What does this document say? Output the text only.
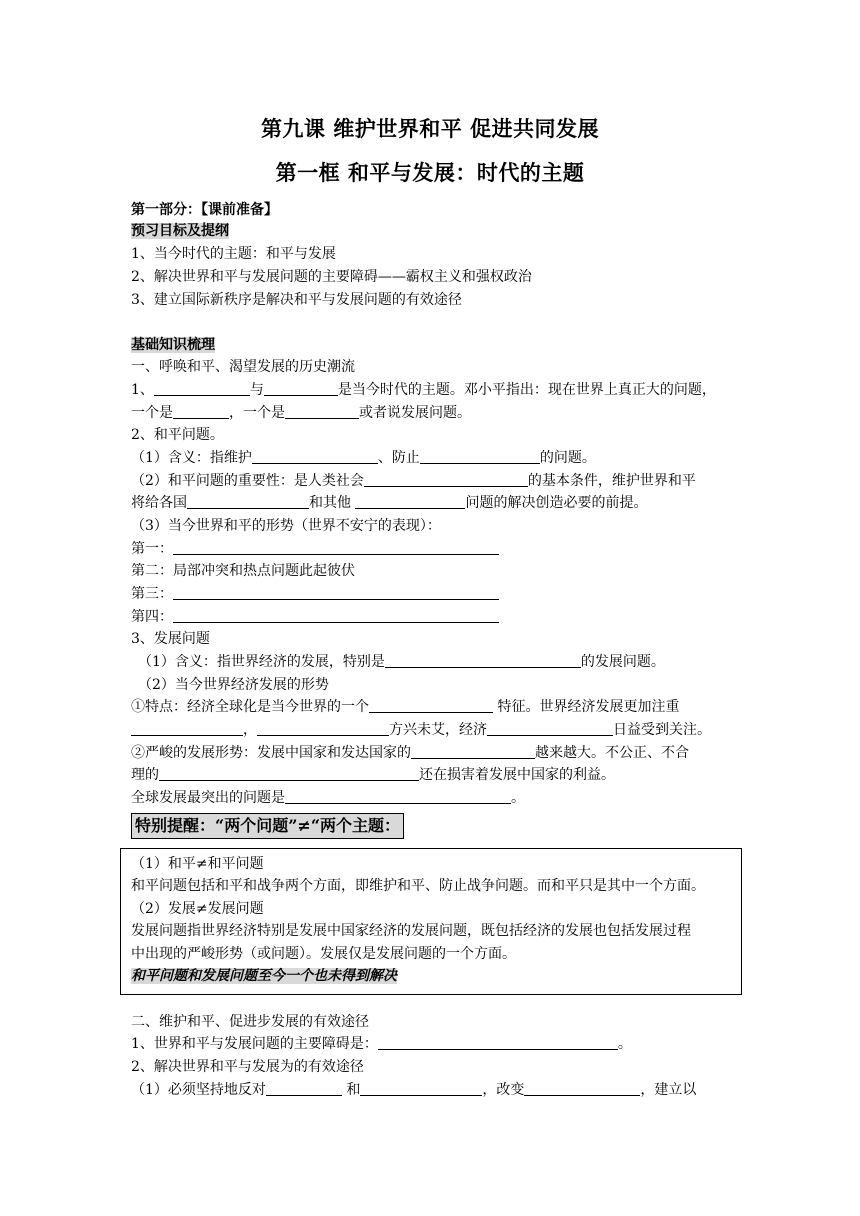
第九课 维护世界和平 促进共同发展
第一框 和平与发展：时代的主题
第一部分：【课前准备】
预习目标及提纲
1、当今时代的主题：和平与发展
2、解决世界和平与发展问题的主要障碍——霸权主义和强权政治
3、建立国际新秩序是解决和平与发展问题的有效途径
基础知识梳理
一、呼唤和平、渴望发展的历史潮流
1、	与	是当今时代的主题。邓小平指出：现在世界上真正大的问题，
一个是	，一个是	或者说发展问题。
2、和平问题。
（1）含义：指维护	、防止	的问题。
（2）和平问题的重要性：是人类社会	的基本条件，维护世界和平
将给各国	和其他	问题的解决创造必要的前提。
（3）当今世界和平的形势（世界不安宁的表现）：
第一：
第二：局部冲突和热点问题此起彼伏
第三：
第四：
3、发展问题
（1）含义：指世界经济的发展，特别是	的发展问题。
（2）当今世界经济发展的形势
①特点：经济全球化是当今世界的一个	特征。世界经济发展更加注重
，	方兴未艾，经济	日益受到关注。
②严峻的发展形势：发展中国家和发达国家的	越来越大。不公正、不合
理的	还在损害着发展中国家的利益。
全球发展最突出的问题是	。
特别提醒：“两个问题”≠“两个主题：
（1）和平≠和平问题
和平问题包括和平和战争两个方面，即维护和平、防止战争问题。而和平只是其中一个方面。
（2）发展≠发展问题
发展问题指世界经济特别是发展中国家经济的发展问题，既包括经济的发展也包括发展过程
中出现的严峻形势（或问题）。发展仅是发展问题的一个方面。
和平问题和发展问题至今一个也未得到解决
二、维护和平、促进步发展的有效途径
1、世界和平与发展问题的主要障碍是：	。
2、解决世界和平与发展为的有效途径
（1）必须坚持地反对	和	，改变	，建立以
